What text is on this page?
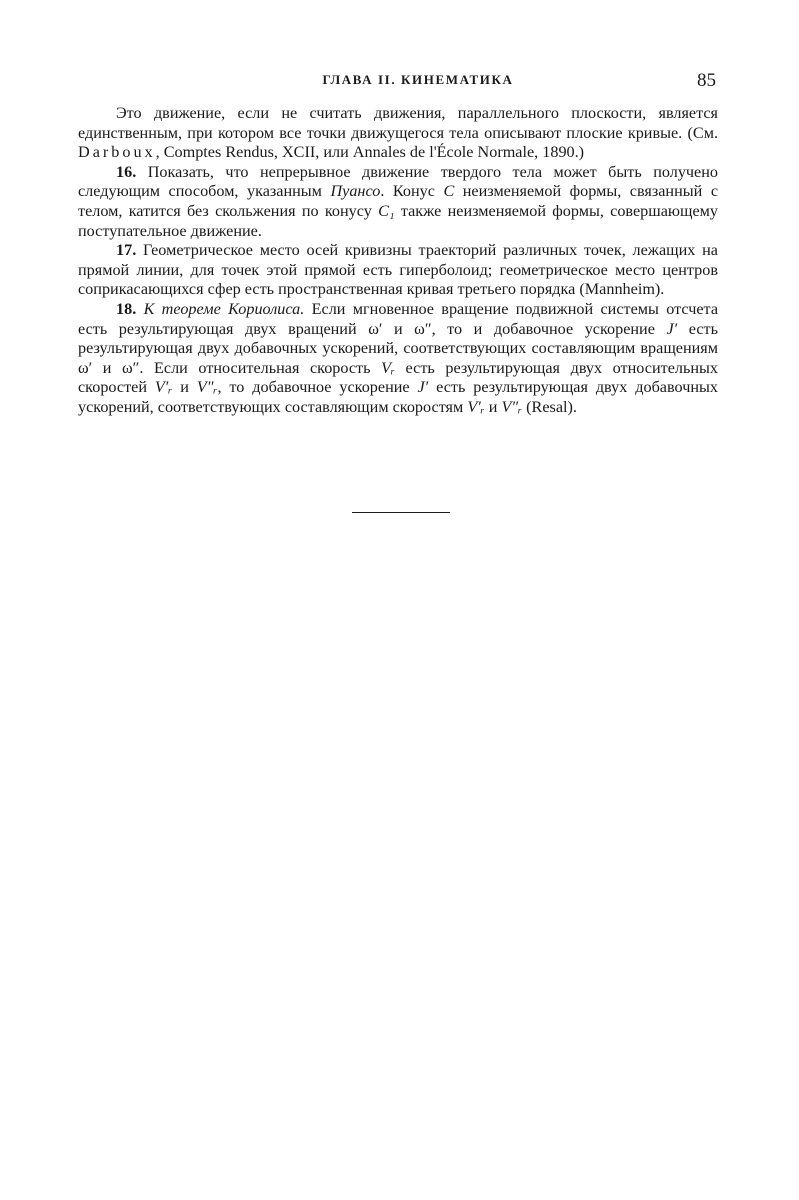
ГЛАВА II. КИНЕМАТИКА	85

Это движение, если не считать движения, параллельного плоскости, является единственным, при котором все точки движущегося тела описывают плоские кривые. (См. Darboux, Comptes Rendus, XCII, или Annales de l'École Normale, 1890.)

16. Показать, что непрерывное движение твердого тела может быть получено следующим способом, указанным Пуансо. Конус C неизменяемой формы, связанный с телом, катится без скольжения по конусу C₁ также неизменяемой формы, совершающему поступательное движение.

17. Геометрическое место осей кривизны траекторий различных точек, лежащих на прямой линии, для точек этой прямой есть гиперболоид; геометрическое место центров соприкасающихся сфер есть пространственная кривая третьего порядка (Mannheim).

18. К теореме Кориолиса. Если мгновенное вращение подвижной системы отсчета есть результирующая двух вращений ω′ и ω″, то и добавочное ускорение J′ есть результирующая двух добавочных ускорений, соответствующих составляющим вращениям ω′ и ω″. Если относительная скорость Vᵣ есть результирующая двух относительных скоростей V′ᵣ и V″ᵣ, то добавочное ускорение J′ есть результирующая двух добавочных ускорений, соответствующих составляющим скоростям V′ᵣ и V″ᵣ (Resal).
